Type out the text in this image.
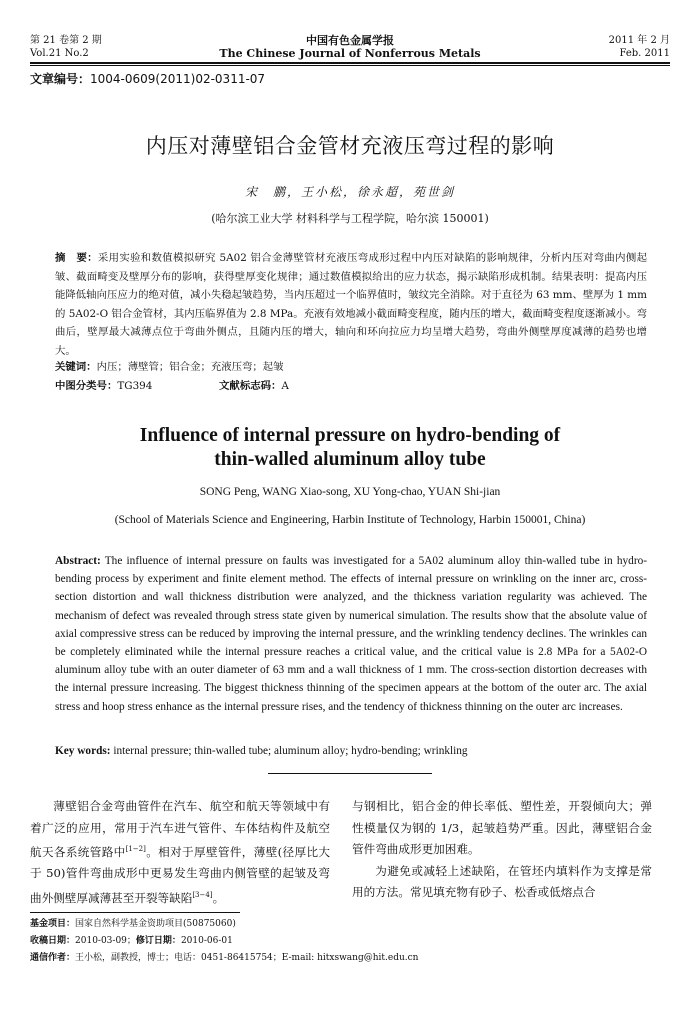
第 21 卷第 2 期
Vol.21 No.2
中国有色金属学报
The Chinese Journal of Nonferrous Metals
2011 年 2 月
Feb. 2011
文章编号：1004-0609(2011)02-0311-07
内压对薄壁铝合金管材充液压弯过程的影响
宋　鹏，王小松，徐永超，苑世剑
(哈尔滨工业大学 材料科学与工程学院，哈尔滨 150001)
摘　要：采用实验和数值模拟研究 5A02 铝合金薄壁管材充液压弯成形过程中内压对缺陷的影响规律，分析内压对弯曲内侧起皱、截面畸变及壁厚分布的影响，获得壁厚变化规律；通过数值模拟给出的应力状态，揭示缺陷形成机制。结果表明：提高内压能降低轴向压应力的绝对值，减小失稳起皱趋势，当内压超过一个临界值时，皱纹完全消除。对于直径为 63 mm、壁厚为 1 mm 的 5A02-O 铝合金管材，其内压临界值为 2.8 MPa。充液有效地减小截面畸变程度，随内压的增大，截面畸变程度逐渐减小。弯曲后，壁厚最大减薄点位于弯曲外侧点，且随内压的增大，轴向和环向拉应力均呈增大趋势，弯曲外侧壁厚度减薄的趋势也增大。
关键词：内压；薄壁管；铝合金；充液压弯；起皱
中图分类号：TG394	文献标志码：A
Influence of internal pressure on hydro-bending of
thin-walled aluminum alloy tube
SONG Peng, WANG Xiao-song, XU Yong-chao, YUAN Shi-jian
(School of Materials Science and Engineering, Harbin Institute of Technology, Harbin 150001, China)
Abstract: The influence of internal pressure on faults was investigated for a 5A02 aluminum alloy thin-walled tube in hydro-bending process by experiment and finite element method. The effects of internal pressure on wrinkling on the inner arc, cross-section distortion and wall thickness distribution were analyzed, and the thickness variation regularity was achieved. The mechanism of defect was revealed through stress state given by numerical simulation. The results show that the absolute value of axial compressive stress can be reduced by improving the internal pressure, and the wrinkling tendency declines. The wrinkles can be completely eliminated while the internal pressure reaches a critical value, and the critical value is 2.8 MPa for a 5A02-O aluminum alloy tube with an outer diameter of 63 mm and a wall thickness of 1 mm. The cross-section distortion decreases with the internal pressure increasing. The biggest thickness thinning of the specimen appears at the bottom of the outer arc. The axial stress and hoop stress enhance as the internal pressure rises, and the tendency of thickness thinning on the outer arc increases.
Key words: internal pressure; thin-walled tube; aluminum alloy; hydro-bending; wrinkling

薄壁铝合金弯曲管件在汽车、航空和航天等领域中有着广泛的应用，常用于汽车进气管件、车体结构件及航空航天各系统管路中[1−2]。相对于厚壁管件，薄壁(径厚比大于 50)管件弯曲成形中更易发生弯曲内侧管壁的起皱及弯曲外侧壁厚减薄甚至开裂等缺陷[3−4]。

与钢相比，铝合金的伸长率低、塑性差，开裂倾向大；弹性模量仅为钢的 1/3，起皱趋势严重。因此，薄壁铝合金管件弯曲成形更加困难。

为避免或减轻上述缺陷，在管坯内填料作为支撑是常用的方法。常见填充物有砂子、松香或低熔点合

基金项目：国家自然科学基金资助项目(50875060)
收稿日期：2010-03-09；修订日期：2010-06-01
通信作者：王小松，副教授，博士；电话：0451-86415754；E-mail: hitxswang@hit.edu.cn
